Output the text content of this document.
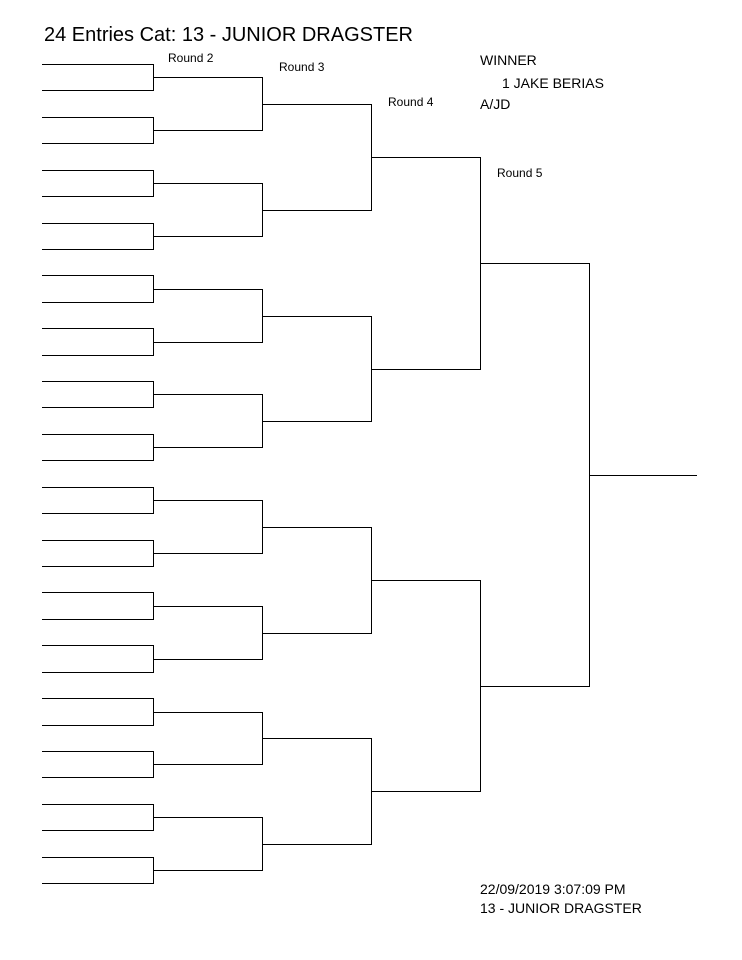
24 Entries Cat: 13 - JUNIOR DRAGSTER
Round 2
Round 3
Round 4
Round 5
WINNER
1 JAKE BERIAS
A/JD
22/09/2019 3:07:09 PM
13 - JUNIOR DRAGSTER
